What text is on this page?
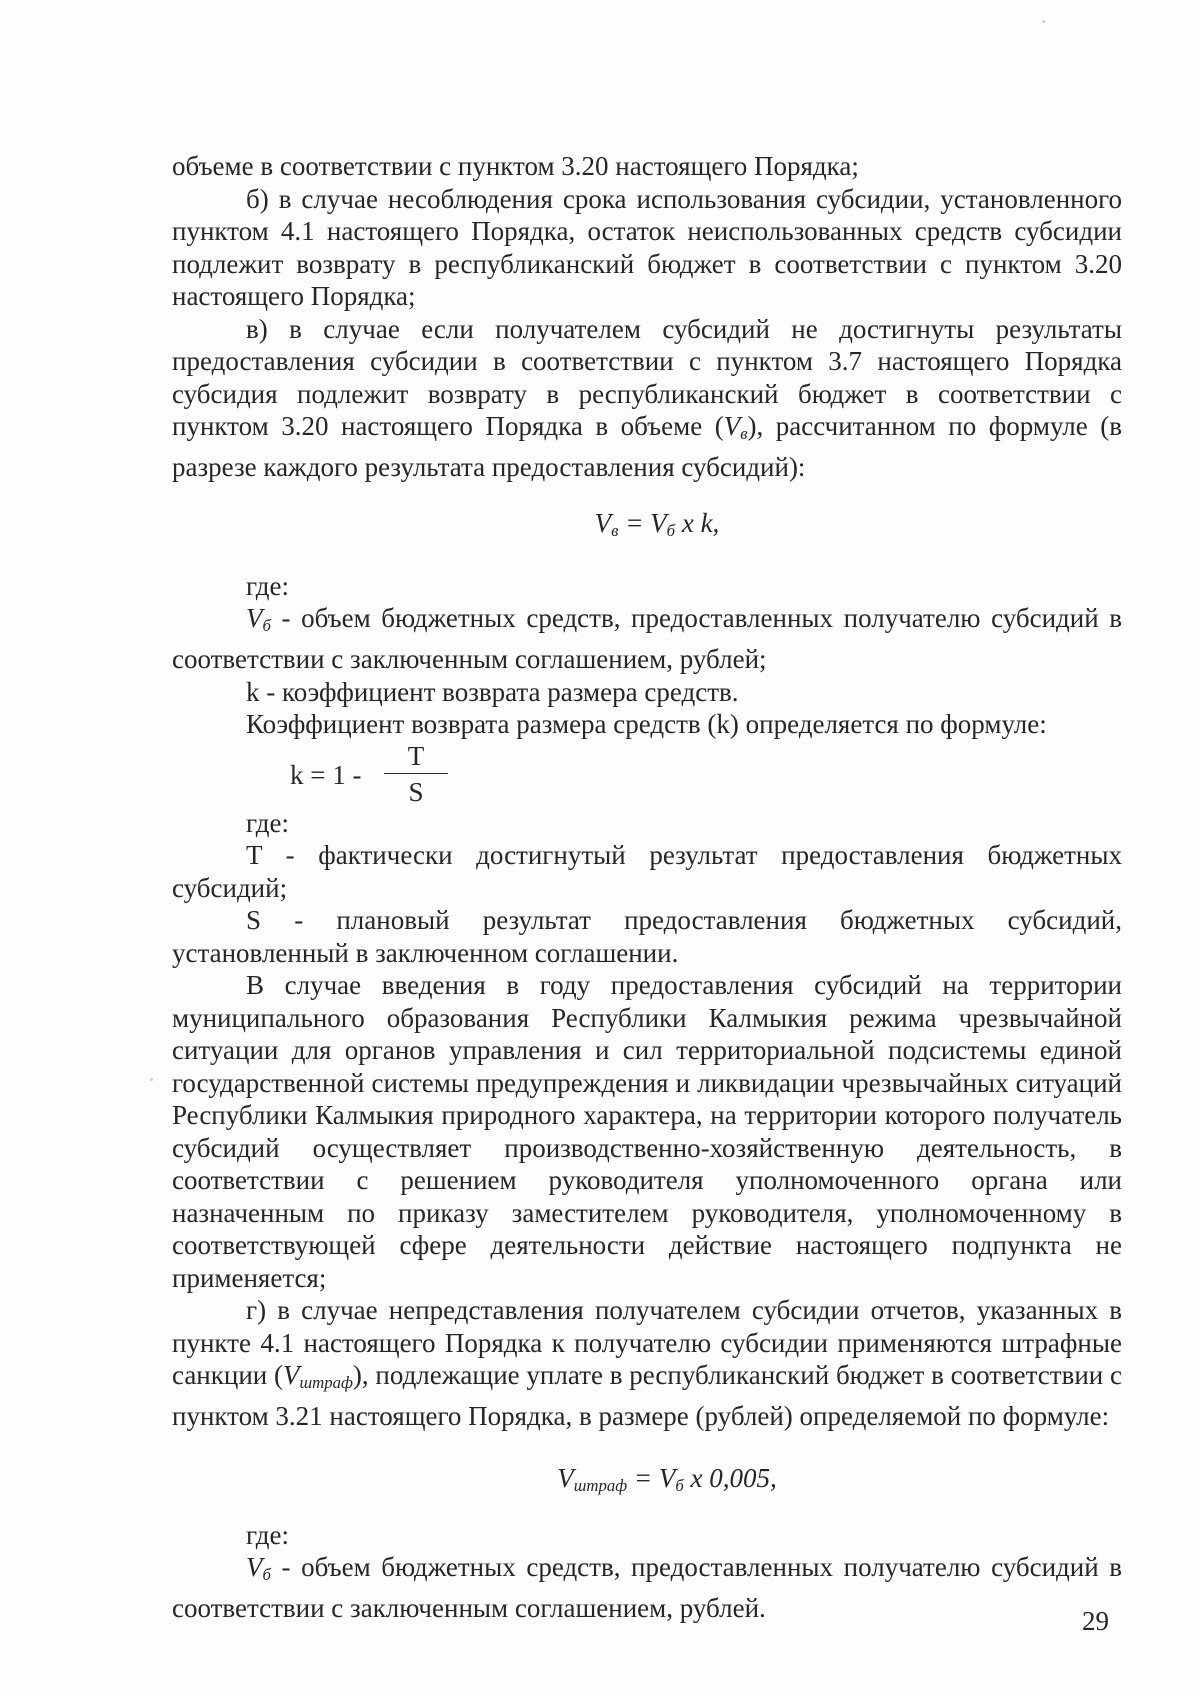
объеме в соответствии с пунктом 3.20 настоящего Порядка;

б) в случае несоблюдения срока использования субсидии, установленного пунктом 4.1 настоящего Порядка, остаток неиспользованных средств субсидии подлежит возврату в республиканский бюджет в соответствии с пунктом 3.20 настоящего Порядка;

в) в случае если получателем субсидий не достигнуты результаты предоставления субсидии в соответствии с пунктом 3.7 настоящего Порядка субсидия подлежит возврату в республиканский бюджет в соответствии с пунктом 3.20 настоящего Порядка в объеме $(V_в)$, рассчитанном по формуле (в разрезе каждого результата предоставления субсидий):

$V_в = V_б$ x k,

где:

$V_б$ - объем бюджетных средств, предоставленных получателю субсидий в соответствии с заключенным соглашением, рублей;

k - коэффициент возврата размера средств.

Коэффициент возврата размера средств (k) определяется по формуле:

k = 1 -
T
S

где:

T - фактически достигнутый результат предоставления бюджетных субсидий;

S - плановый результат предоставления бюджетных субсидий, установленный в заключенном соглашении.

В случае введения в году предоставления субсидий на территории муниципального образования Республики Калмыкия режима чрезвычайной ситуации для органов управления и сил территориальной подсистемы единой государственной системы предупреждения и ликвидации чрезвычайных ситуаций Республики Калмыкия природного характера, на территории которого получатель субсидий осуществляет производственно-хозяйственную деятельность, в соответствии с решением руководителя уполномоченного органа или назначенным по приказу заместителем руководителя, уполномоченному в соответствующей сфере деятельности действие настоящего подпункта не применяется;

г) в случае непредставления получателем субсидии отчетов, указанных в пункте 4.1 настоящего Порядка к получателю субсидии применяются штрафные санкции $(V_{штраф})$, подлежащие уплате в республиканский бюджет в соответствии с пунктом 3.21 настоящего Порядка, в размере (рублей) определяемой по формуле:

$V_{штраф} = V_б$ x 0,005,

где:

$V_б$ - объем бюджетных средств, предоставленных получателю субсидий в соответствии с заключенным соглашением, рублей.	29
